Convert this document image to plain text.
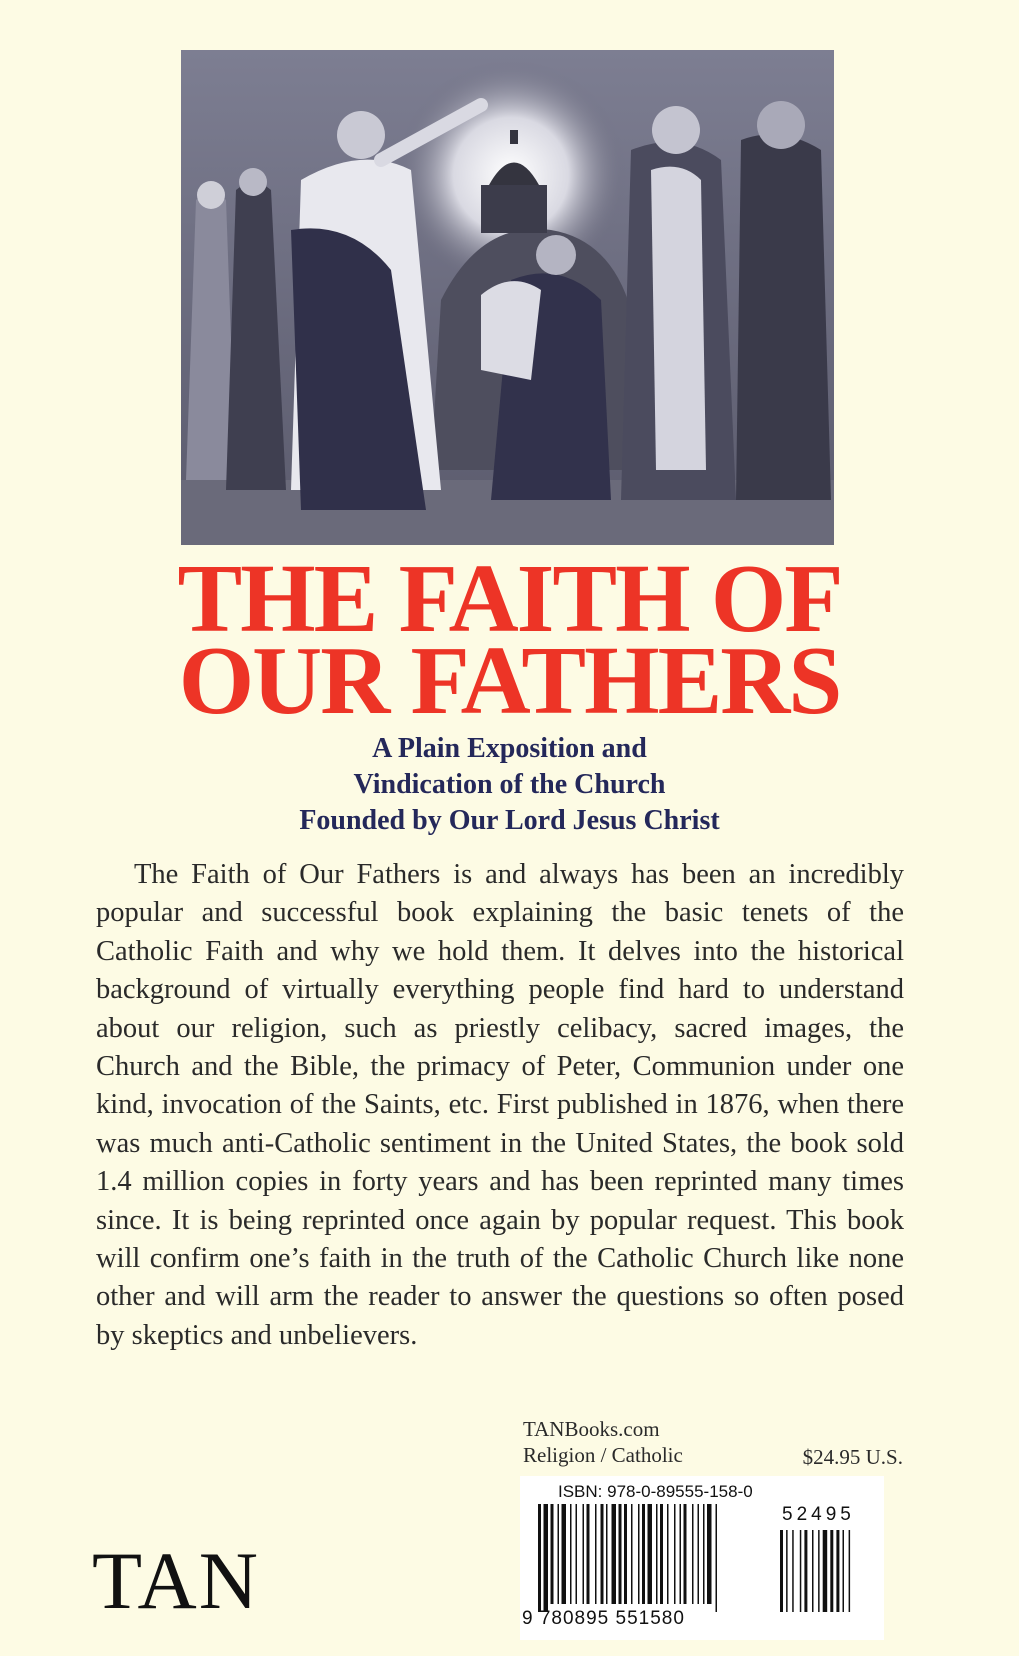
THE FAITH OF
OUR FATHERS
A Plain Exposition and
Vindication of the Church
Founded by Our Lord Jesus Christ

The Faith of Our Fathers is and always has been an incredibly popular and successful book explaining the basic tenets of the Catholic Faith and why we hold them. It delves into the historical background of virtually everything people find hard to understand about our religion, such as priestly celibacy, sacred images, the Church and the Bible, the primacy of Peter, Communion under one kind, invocation of the Saints, etc. First published in 1876, when there was much anti-Catholic sentiment in the United States, the book sold 1.4 million copies in forty years and has been reprinted many times since. It is being reprinted once again by popular request. This book will confirm one’s faith in the truth of the Catholic Church like none other and will arm the reader to answer the questions so often posed by skeptics and unbelievers.

TANBooks.com
Religion / Catholic	$24.95 U.S.
ISBN: 978-0-89555-158-0
52495
9 780895 551580
TAN
